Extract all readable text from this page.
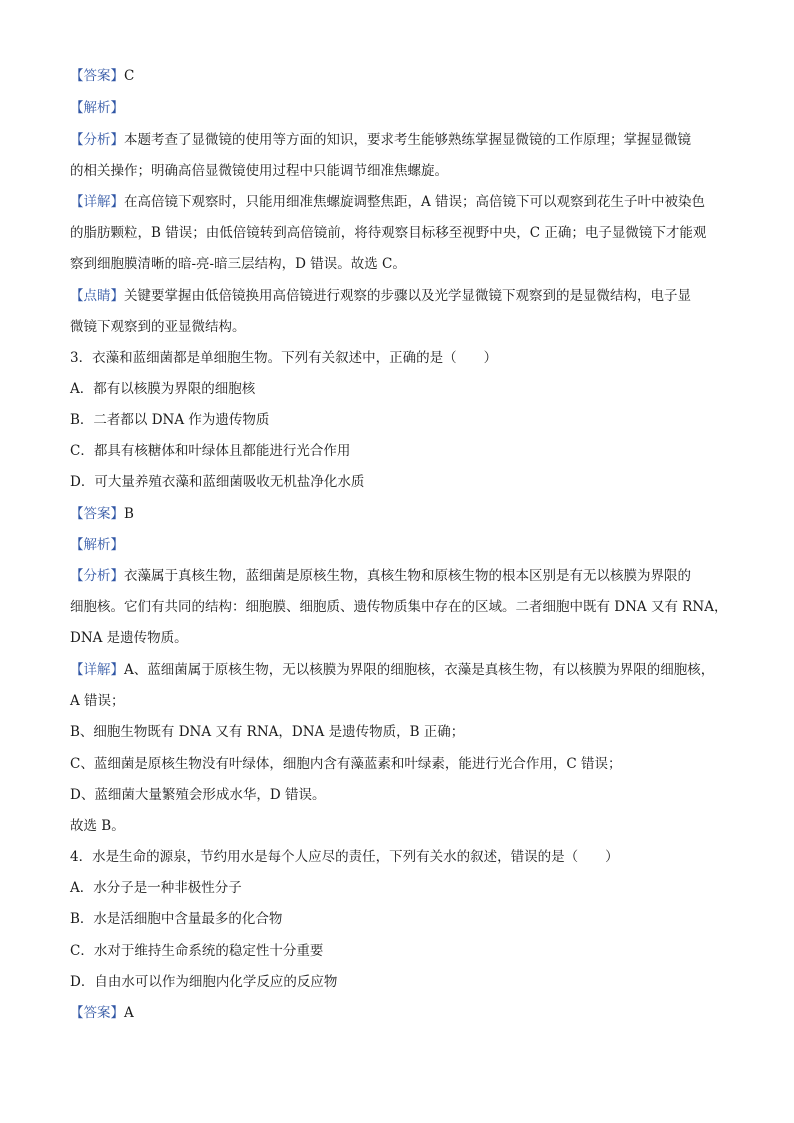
【答案】C
【解析】
【分析】本题考查了显微镜的使用等方面的知识，要求考生能够熟练掌握显微镜的工作原理；掌握显微镜
的相关操作；明确高倍显微镜使用过程中只能调节细准焦螺旋。
【详解】在高倍镜下观察时，只能用细准焦螺旋调整焦距，A 错误；高倍镜下可以观察到花生子叶中被染色
的脂肪颗粒，B 错误；由低倍镜转到高倍镜前，将待观察目标移至视野中央，C 正确；电子显微镜下才能观
察到细胞膜清晰的暗-亮-暗三层结构，D 错误。故选 C。
【点睛】关键要掌握由低倍镜换用高倍镜进行观察的步骤以及光学显微镜下观察到的是显微结构，电子显
微镜下观察到的亚显微结构。
3．衣藻和蓝细菌都是单细胞生物。下列有关叙述中，正确的是（　　）
A．都有以核膜为界限的细胞核
B．二者都以 DNA 作为遗传物质
C．都具有核糖体和叶绿体且都能进行光合作用
D．可大量养殖衣藻和蓝细菌吸收无机盐净化水质
【答案】B
【解析】
【分析】衣藻属于真核生物，蓝细菌是原核生物，真核生物和原核生物的根本区别是有无以核膜为界限的
细胞核。它们有共同的结构：细胞膜、细胞质、遗传物质集中存在的区域。二者细胞中既有 DNA 又有 RNA，
DNA 是遗传物质。
【详解】A、蓝细菌属于原核生物，无以核膜为界限的细胞核，衣藻是真核生物，有以核膜为界限的细胞核，
A 错误；
B、细胞生物既有 DNA 又有 RNA，DNA 是遗传物质，B 正确；
C、蓝细菌是原核生物没有叶绿体，细胞内含有藻蓝素和叶绿素，能进行光合作用，C 错误；
D、蓝细菌大量繁殖会形成水华，D 错误。
故选 B。
4．水是生命的源泉，节约用水是每个人应尽的责任，下列有关水的叙述，错误的是（　　）
A．水分子是一种非极性分子
B．水是活细胞中含量最多的化合物
C．水对于维持生命系统的稳定性十分重要
D．自由水可以作为细胞内化学反应的反应物
【答案】A
